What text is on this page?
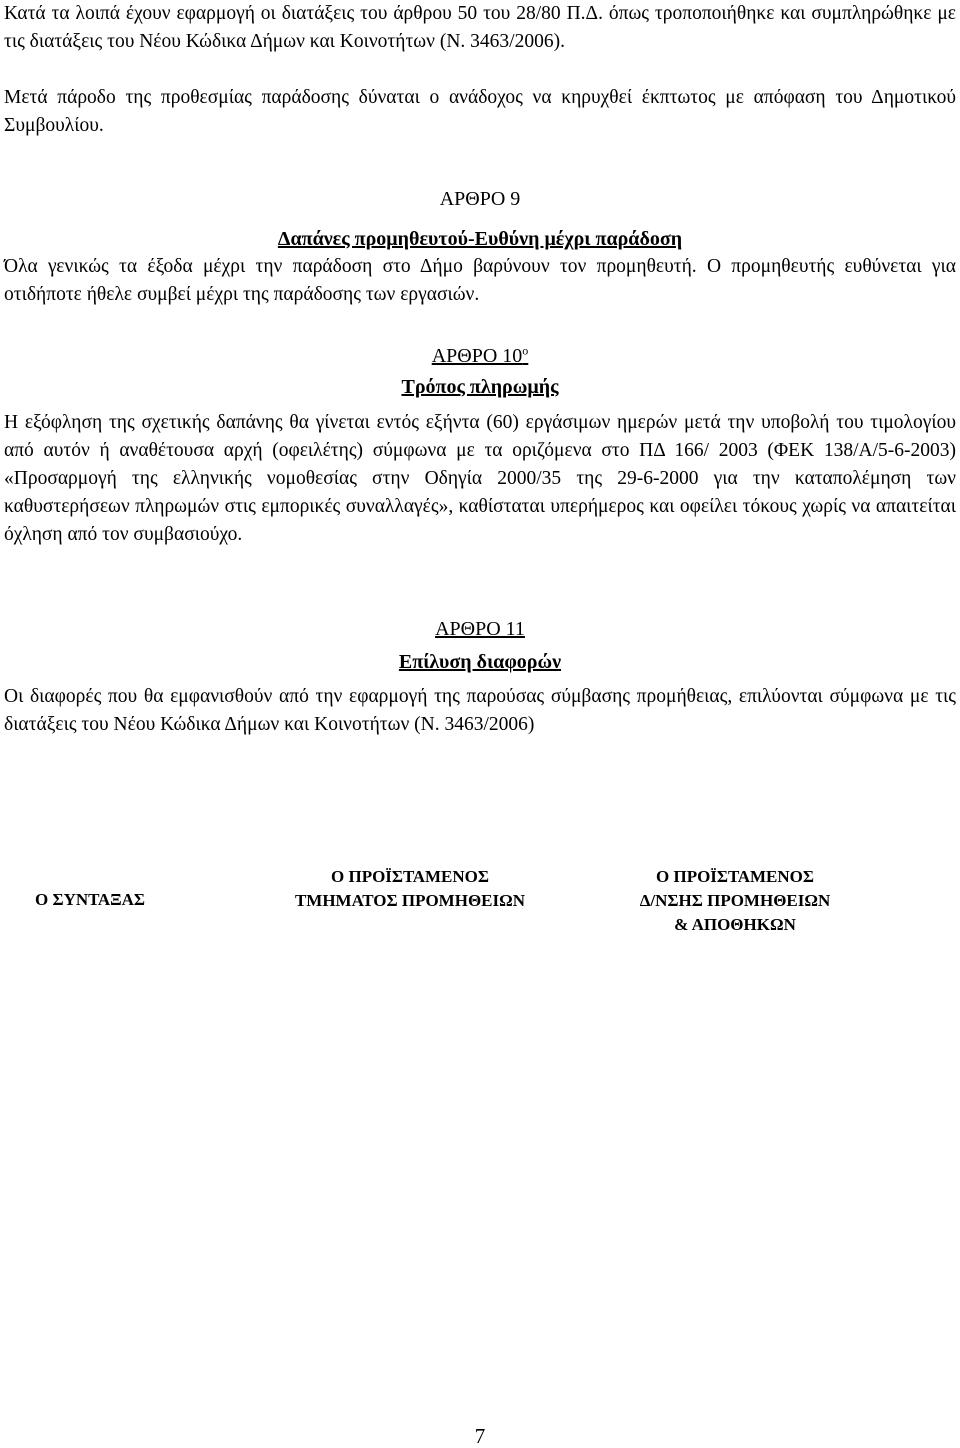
Κατά τα λοιπά έχουν εφαρμογή οι διατάξεις του άρθρου 50 του 28/80 Π.Δ. όπως τροποποιήθηκε και συμπληρώθηκε με τις διατάξεις του Νέου Κώδικα Δήμων και Κοινοτήτων (Ν. 3463/2006).

Μετά πάροδο της προθεσμίας παράδοσης δύναται ο ανάδοχος να κηρυχθεί έκπτωτος με απόφαση του Δημοτικού Συμβουλίου.

ΑΡΘΡΟ 9

Δαπάνες προμηθευτού-Ευθύνη μέχρι παράδοση

Όλα γενικώς τα έξοδα μέχρι την παράδοση στο Δήμο βαρύνουν τον προμηθευτή. Ο προμηθευτής ευθύνεται για οτιδήποτε ήθελε συμβεί μέχρι της παράδοσης των εργασιών.

ΑΡΘΡΟ $10^o$

Τρόπος πληρωμής

Η εξόφληση της σχετικής δαπάνης θα γίνεται εντός εξήντα (60) εργάσιμων ημερών μετά την υποβολή του τιμολογίου από αυτόν ή αναθέτουσα αρχή (οφειλέτης) σύμφωνα με τα οριζόμενα στο ΠΔ 166/ 2003 (ΦΕΚ 138/Α/5-6-2003) «Προσαρμογή της ελληνικής νομοθεσίας στην Οδηγία 2000/35 της 29-6-2000 για την καταπολέμηση των καθυστερήσεων πληρωμών στις εμπορικές συναλλαγές», καθίσταται υπερήμερος και οφείλει τόκους χωρίς να απαιτείται όχληση από τον συμβασιούχο.

ΑΡΘΡΟ 11

Επίλυση διαφορών

Οι διαφορές που θα εμφανισθούν από την εφαρμογή της παρούσας σύμβασης προμήθειας, επιλύονται σύμφωνα με τις διατάξεις του Νέου Κώδικα Δήμων και Κοινοτήτων (Ν. 3463/2006)

Ο ΣΥΝΤΑΞΑΣ
Ο ΠΡΟΪΣΤΑΜΕΝΟΣ
ΤΜΗΜΑΤΟΣ ΠΡΟΜΗΘΕΙΩΝ
Ο ΠΡΟΪΣΤΑΜΕΝΟΣ
Δ/ΝΣΗΣ ΠΡΟΜΗΘΕΙΩΝ
& ΑΠΟΘΗΚΩΝ
7
